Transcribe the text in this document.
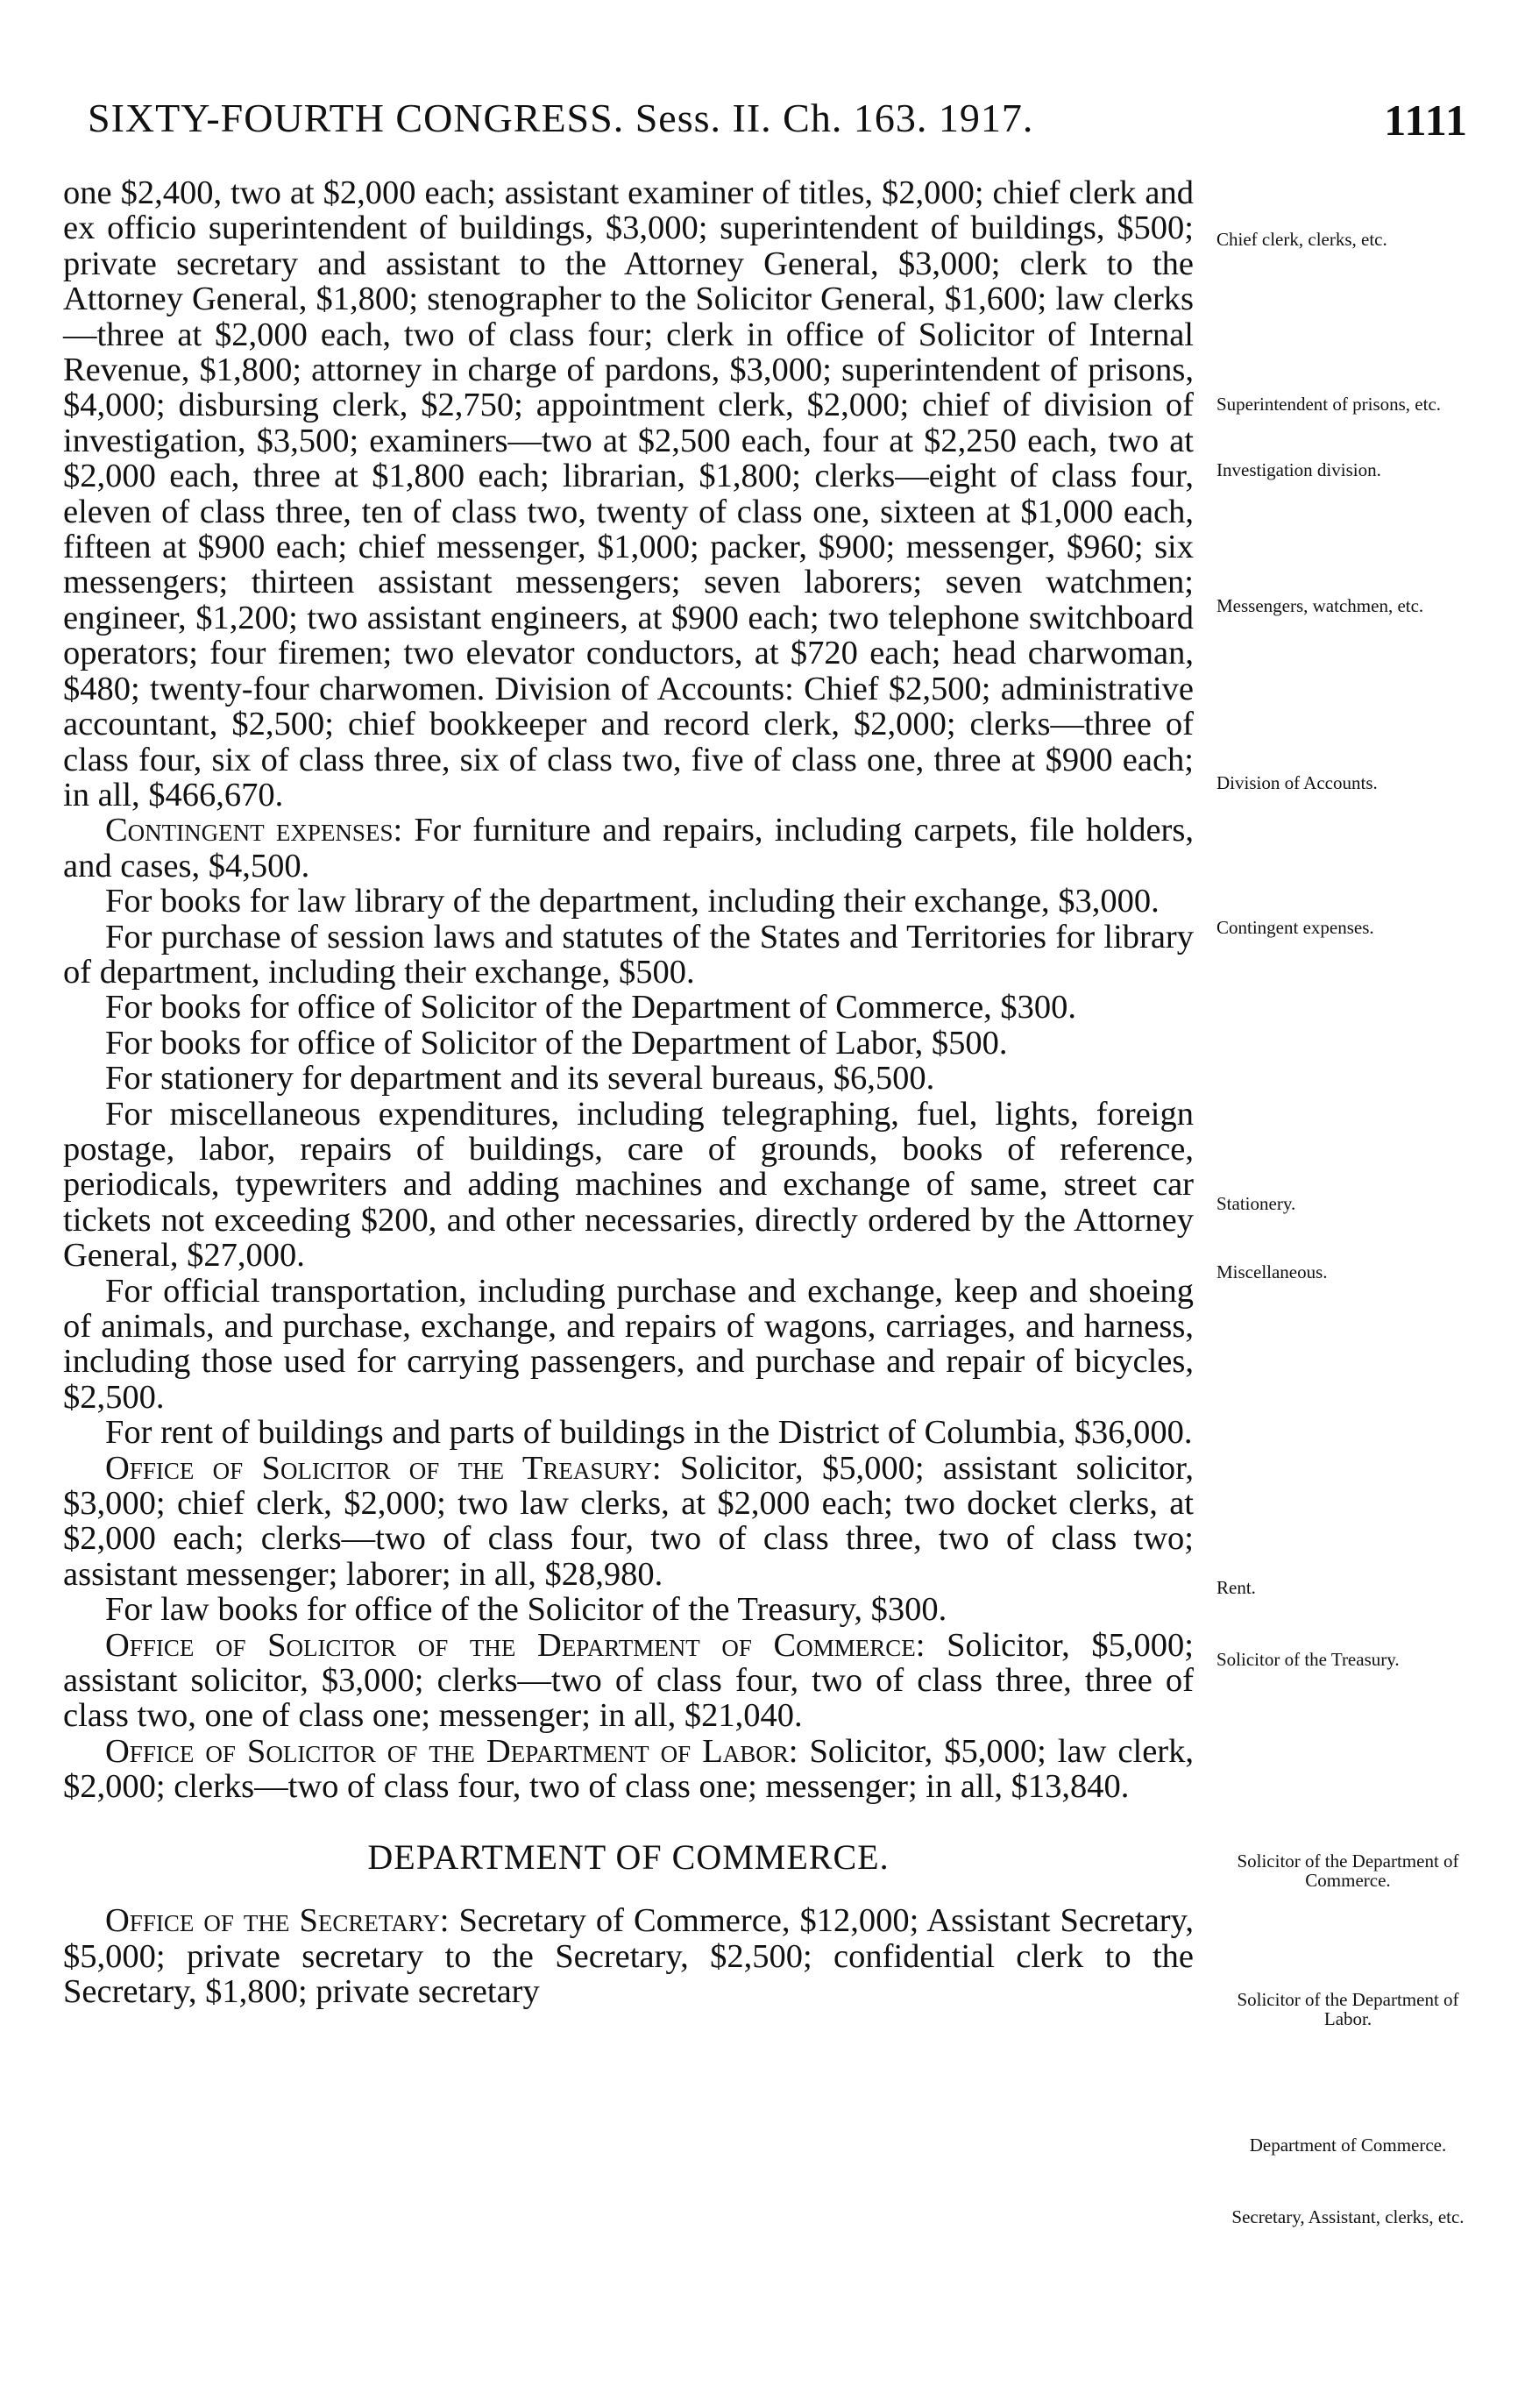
SIXTY-FOURTH CONGRESS. Sess. II. Ch. 163. 1917.	1111

one $2,400, two at $2,000 each; assistant examiner of titles, $2,000; chief clerk and ex officio superintendent of buildings, $3,000; superintendent of buildings, $500; private secretary and assistant to the Attorney General, $3,000; clerk to the Attorney General, $1,800; stenographer to the Solicitor General, $1,600; law clerks—three at $2,000 each, two of class four; clerk in office of Solicitor of Internal Revenue, $1,800; attorney in charge of pardons, $3,000; superintendent of prisons, $4,000; disbursing clerk, $2,750; appointment clerk, $2,000; chief of division of investigation, $3,500; examiners—two at $2,500 each, four at $2,250 each, two at $2,000 each, three at $1,800 each; librarian, $1,800; clerks—eight of class four, eleven of class three, ten of class two, twenty of class one, sixteen at $1,000 each, fifteen at $900 each; chief messenger, $1,000; packer, $900; messenger, $960; six messengers; thirteen assistant messengers; seven laborers; seven watchmen; engineer, $1,200; two assistant engineers, at $900 each; two telephone switchboard operators; four firemen; two elevator conductors, at $720 each; head charwoman, $480; twenty-four charwomen. Division of Accounts: Chief $2,500; administrative accountant, $2,500; chief bookkeeper and record clerk, $2,000; clerks—three of class four, six of class three, six of class two, five of class one, three at $900 each; in all, $466,670.

Contingent expenses: For furniture and repairs, including carpets, file holders, and cases, $4,500.

For books for law library of the department, including their exchange, $3,000.

For purchase of session laws and statutes of the States and Territories for library of department, including their exchange, $500.

For books for office of Solicitor of the Department of Commerce, $300.

For books for office of Solicitor of the Department of Labor, $500.

For stationery for department and its several bureaus, $6,500.

For miscellaneous expenditures, including telegraphing, fuel, lights, foreign postage, labor, repairs of buildings, care of grounds, books of reference, periodicals, typewriters and adding machines and exchange of same, street car tickets not exceeding $200, and other necessaries, directly ordered by the Attorney General, $27,000.

For official transportation, including purchase and exchange, keep and shoeing of animals, and purchase, exchange, and repairs of wagons, carriages, and harness, including those used for carrying passengers, and purchase and repair of bicycles, $2,500.

For rent of buildings and parts of buildings in the District of Columbia, $36,000.

Office of Solicitor of the Treasury: Solicitor, $5,000; assistant solicitor, $3,000; chief clerk, $2,000; two law clerks, at $2,000 each; two docket clerks, at $2,000 each; clerks—two of class four, two of class three, two of class two; assistant messenger; laborer; in all, $28,980.

For law books for office of the Solicitor of the Treasury, $300.

Office of Solicitor of the Department of Commerce: Solicitor, $5,000; assistant solicitor, $3,000; clerks—two of class four, two of class three, three of class two, one of class one; messenger; in all, $21,040.

Office of Solicitor of the Department of Labor: Solicitor, $5,000; law clerk, $2,000; clerks—two of class four, two of class one; messenger; in all, $13,840.

DEPARTMENT OF COMMERCE.

Office of the Secretary: Secretary of Commerce, $12,000; Assistant Secretary, $5,000; private secretary to the Secretary, $2,500; confidential clerk to the Secretary, $1,800; private secretary

Chief clerk, clerks, etc.
Superintendent of prisons, etc.
Investigation division.
Messengers, watchmen, etc.
Division of Accounts.
Contingent expenses.
Stationery.
Miscellaneous.
Rent.
Solicitor of the Treasury.
Solicitor of the Department of Commerce.
Solicitor of the Department of Labor.
Department of Commerce.
Secretary, Assistant, clerks, etc.
